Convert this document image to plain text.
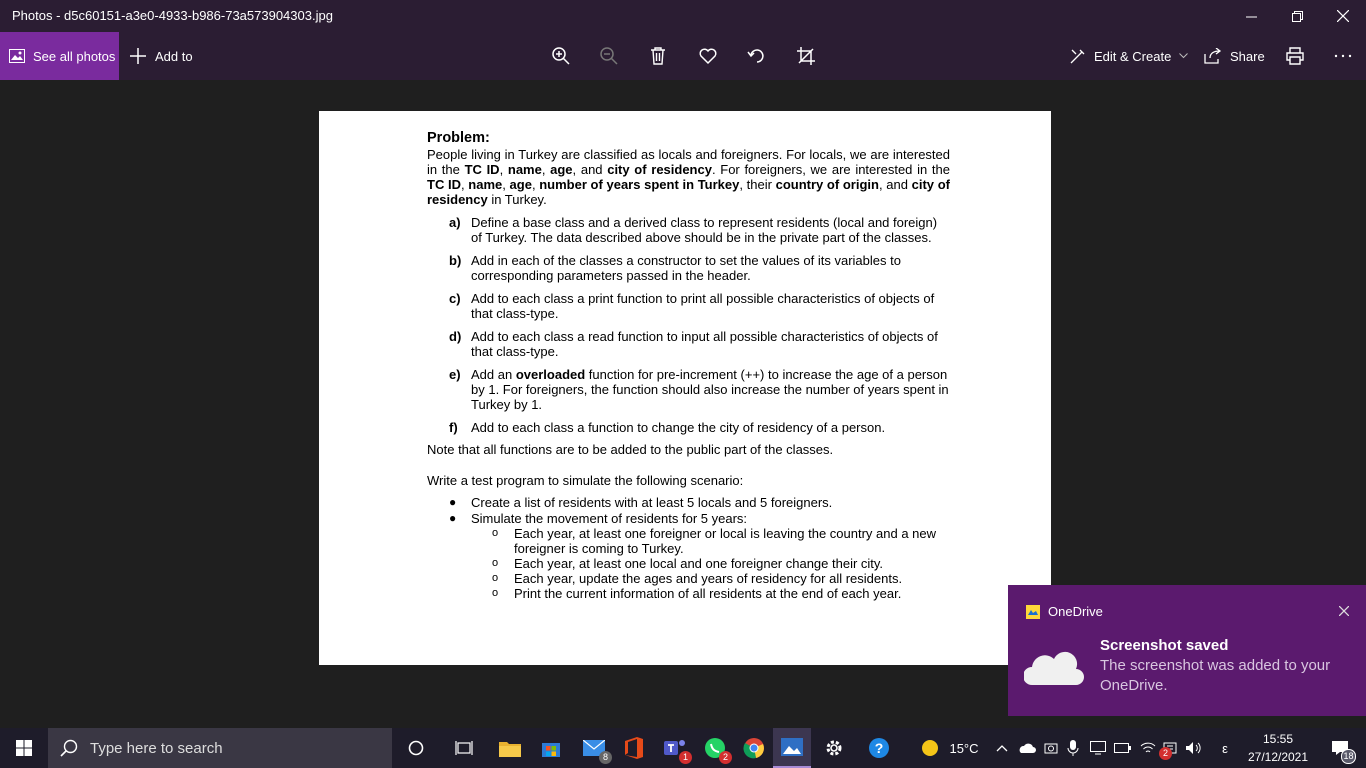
Photos - d5c60151-a3e0-4933-b986-73a573904303.jpg
See all photos	Add to	Edit & Create	Share

Problem:

People living in Turkey are classified as locals and foreigners. For locals, we are interested in the TC ID, name, age, and city of residency. For foreigners, we are interested in the TC ID, name, age, number of years spent in Turkey, their country of origin, and city of residency in Turkey.

a) Define a base class and a derived class to represent residents (local and foreign) of Turkey. The data described above should be in the private part of the classes.
b) Add in each of the classes a constructor to set the values of its variables to corresponding parameters passed in the header.
c) Add to each class a print function to print all possible characteristics of objects of that class-type.
d) Add to each class a read function to input all possible characteristics of objects of that class-type.
e) Add an overloaded function for pre-increment (++) to increase the age of a person by 1. For foreigners, the function should also increase the number of years spent in Turkey by 1.
f)	Add to each class a function to change the city of residency of a person.

Note that all functions are to be added to the public part of the classes.

Write a test program to simulate the following scenario:

●	Create a list of residents with at least 5 locals and 5 foreigners.
●	Simulate the movement of residents for 5 years:
o	Each year, at least one foreigner or local is leaving the country and a new foreigner is coming to Turkey.
o	Each year, at least one local and one foreigner change their city.
o	Each year, update the ages and years of residency for all residents.
o	Print the current information of all residents at the end of each year.
OneDrive
Screenshot saved
The screenshot was added to your OneDrive.
Type here to search
8	1	2
?	15°C	2	ε
15:55
27/12/2021	18
